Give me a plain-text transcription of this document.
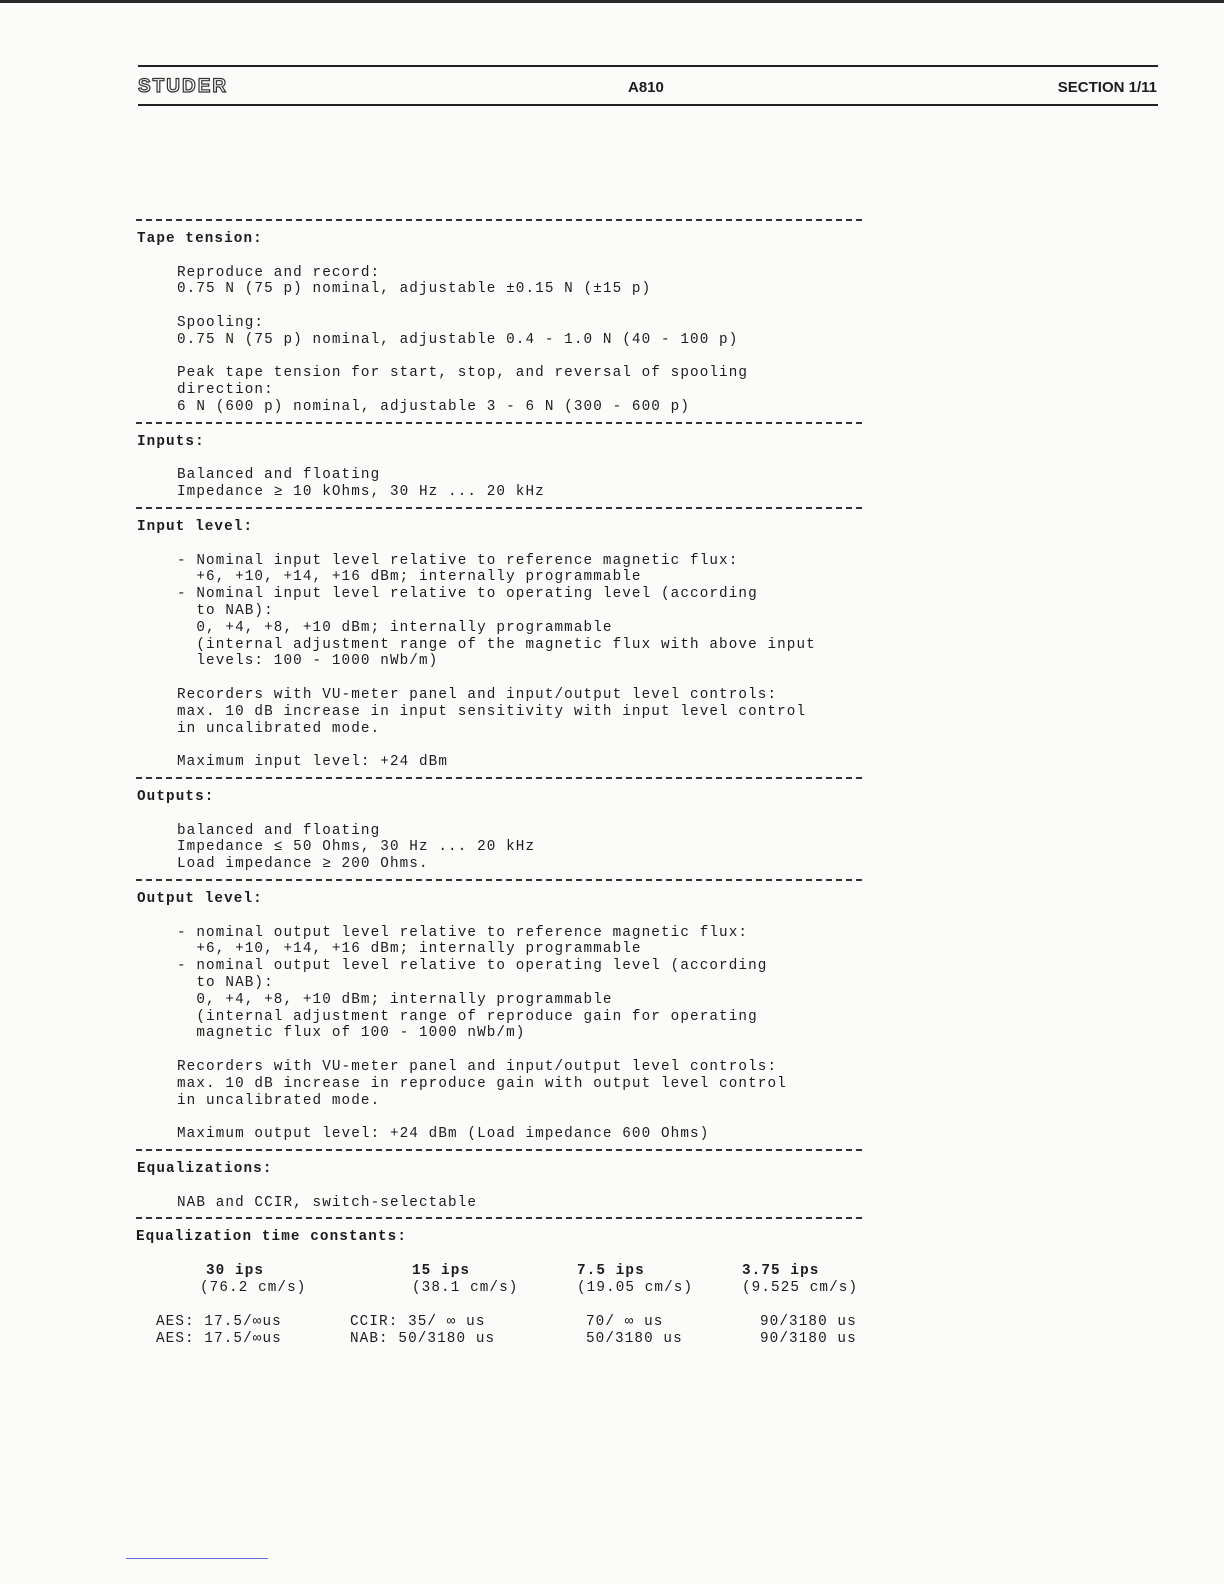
STUDER	A810	SECTION 1/11
Tape tension:
Reproduce and record:
0.75 N (75 p) nominal, adjustable ±0.15 N (±15 p)
Spooling:
0.75 N (75 p) nominal, adjustable 0.4 - 1.0 N (40 - 100 p)
Peak tape tension for start, stop, and reversal of spooling
direction:
6 N (600 p) nominal, adjustable 3 - 6 N (300 - 600 p)
Inputs:
Balanced and floating
Impedance ≥ 10 kOhms, 30 Hz ... 20 kHz
Input level:
- Nominal input level relative to reference magnetic flux:
+6, +10, +14, +16 dBm; internally programmable
- Nominal input level relative to operating level (according
to NAB):
0, +4, +8, +10 dBm; internally programmable
(internal adjustment range of the magnetic flux with above input
levels: 100 - 1000 nWb/m)
Recorders with VU-meter panel and input/output level controls:
max. 10 dB increase in input sensitivity with input level control
in uncalibrated mode.
Maximum input level: +24 dBm
Outputs:
balanced and floating
Impedance ≤ 50 Ohms, 30 Hz ... 20 kHz
Load impedance ≥ 200 Ohms.
Output level:
- nominal output level relative to reference magnetic flux:
+6, +10, +14, +16 dBm; internally programmable
- nominal output level relative to operating level (according
to NAB):
0, +4, +8, +10 dBm; internally programmable
(internal adjustment range of reproduce gain for operating
magnetic flux of 100 - 1000 nWb/m)
Recorders with VU-meter panel and input/output level controls:
max. 10 dB increase in reproduce gain with output level control
in uncalibrated mode.
Maximum output level: +24 dBm (Load impedance 600 Ohms)
Equalizations:
NAB and CCIR, switch-selectable
Equalization time constants:
30 ips
(76.2 cm/s)
AES: 17.5/∞us
AES: 17.5/∞us
15 ips
(38.1 cm/s)
CCIR: 35/ ∞ us
NAB: 50/3180 us
7.5 ips
(19.05 cm/s)
70/ ∞ us
50/3180 us
3.75 ips
(9.525 cm/s)
90/3180 us
90/3180 us
